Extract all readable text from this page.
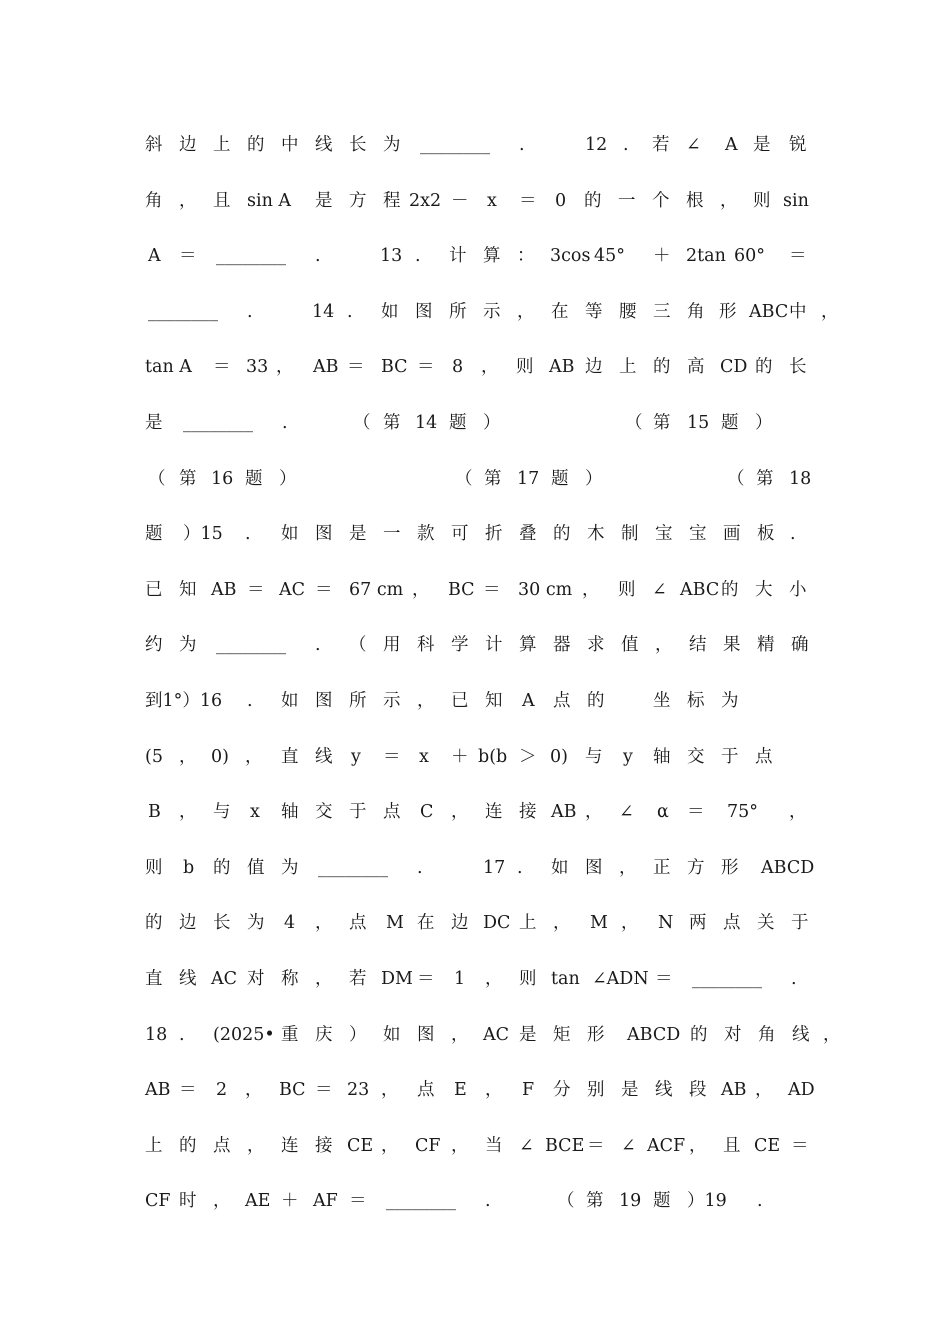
斜 边 上 的 中 线 长 为 ________ .	12 . 若 ∠ A 是 锐
角 ， 且 sin A 是 方 程 2x2 － x ＝ 0 的 一 个 根 ， 则 sin
A ＝ ________ .	13 . 计 算 ： 3cos 45° ＋ 2tan 60° ＝
________ .	14 . 如 图 所 示 ， 在 等 腰 三 角 形 ABC 中 ，
tan A ＝ 33 ， AB ＝ BC ＝ 8 ， 则 AB 边 上 的 高 CD 的 长
是 ________ .	（ 第 14 题 ）	（ 第 15 题 ）
（ 第 16 题 ）	（ 第 17 题 ）	（ 第 18
题 ）15 . 如 图 是 一 款 可 折 叠 的 木 制 宝 宝 画 板 .
已 知 AB ＝ AC ＝ 67 cm ， BC ＝ 30 cm ， 则 ∠ ABC 的 大 小
约 为 ________ . （ 用 科 学 计 算 器 求 值 ， 结 果 精 确
到1°）16 . 如 图 所 示 ， 已 知 A 点 的	坐 标 为
(5 ， 0) ， 直 线 y ＝ x ＋ b(b ＞ 0) 与 y 轴 交 于 点
B ， 与 x 轴 交 于 点 C ， 连 接 AB ， ∠ α ＝ 75° ，
则 b 的 值 为 ________ .	17 . 如 图 ， 正 方 形 ABCD
的 边 长 为 4 ， 点 M 在 边 DC 上 ， M ， N 两 点 关 于
直 线 AC 对 称 ， 若 DM ＝ 1 ， 则 tan ∠ADN ＝ ________ .
18 . (2025• 重 庆 ） 如 图 ， AC 是 矩 形 ABCD 的 对 角 线 ，
AB ＝ 2 ， BC ＝ 23 ， 点 E ， F 分 别 是 线 段 AB ， AD
上 的 点 ， 连 接 CE ， CF ， 当 ∠ BCE ＝ ∠ ACF ， 且 CE ＝
CF 时 ， AE ＋ AF ＝ ________ .	（ 第 19 题 ）19 .
